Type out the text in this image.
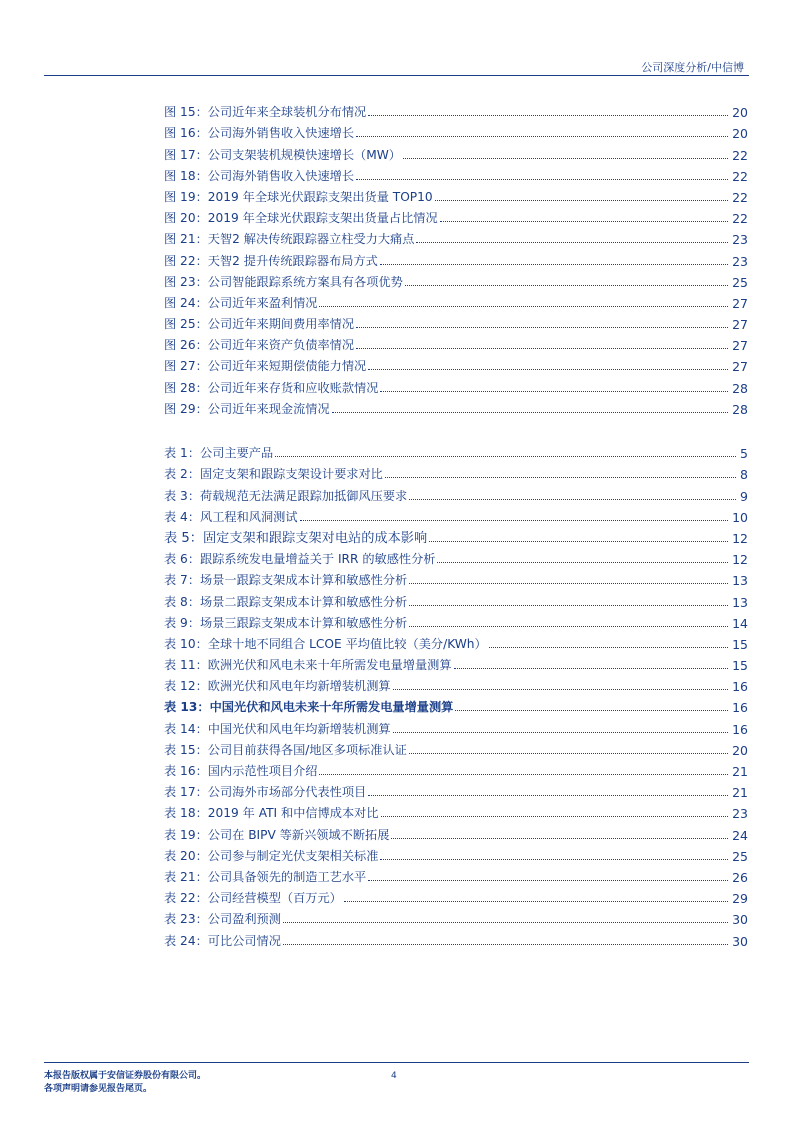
公司深度分析/中信博
图 15：公司近年来全球装机分布情况	20
图 16：公司海外销售收入快速增长	20
图 17：公司支架装机规模快速增长（MW）	22
图 18：公司海外销售收入快速增长	22
图 19：2019 年全球光伏跟踪支架出货量 TOP10	22
图 20：2019 年全球光伏跟踪支架出货量占比情况	22
图 21：天智2 解决传统跟踪器立柱受力大痛点	23
图 22：天智2 提升传统跟踪器布局方式	23
图 23：公司智能跟踪系统方案具有各项优势	25
图 24：公司近年来盈利情况	27
图 25：公司近年来期间费用率情况	27
图 26：公司近年来资产负债率情况	27
图 27：公司近年来短期偿债能力情况	27
图 28：公司近年来存货和应收账款情况	28
图 29：公司近年来现金流情况	28
表 1：公司主要产品	5
表 2：固定支架和跟踪支架设计要求对比	8
表 3：荷载规范无法满足跟踪加抵御风压要求	9
表 4：风工程和风洞测试	10
表 5：固定支架和跟踪支架对电站的成本影响	12
表 6：跟踪系统发电量增益关于 IRR 的敏感性分析	12
表 7：场景一跟踪支架成本计算和敏感性分析	13
表 8：场景二跟踪支架成本计算和敏感性分析	13
表 9：场景三跟踪支架成本计算和敏感性分析	14
表 10：全球十地不同组合 LCOE 平均值比较（美分/KWh）	15
表 11：欧洲光伏和风电未来十年所需发电量增量测算	15
表 12：欧洲光伏和风电年均新增装机测算	16
表 13：中国光伏和风电未来十年所需发电量增量测算	16
表 14：中国光伏和风电年均新增装机测算	16
表 15：公司目前获得各国/地区多项标准认证	20
表 16：国内示范性项目介绍	21
表 17：公司海外市场部分代表性项目	21
表 18：2019 年 ATI 和中信博成本对比	23
表 19：公司在 BIPV 等新兴领域不断拓展	24
表 20：公司参与制定光伏支架相关标准	25
表 21：公司具备领先的制造工艺水平	26
表 22：公司经营模型（百万元）	29
表 23：公司盈利预测	30
表 24：可比公司情况	30
本报告版权属于安信证券股份有限公司。
各项声明请参见报告尾页。
4
